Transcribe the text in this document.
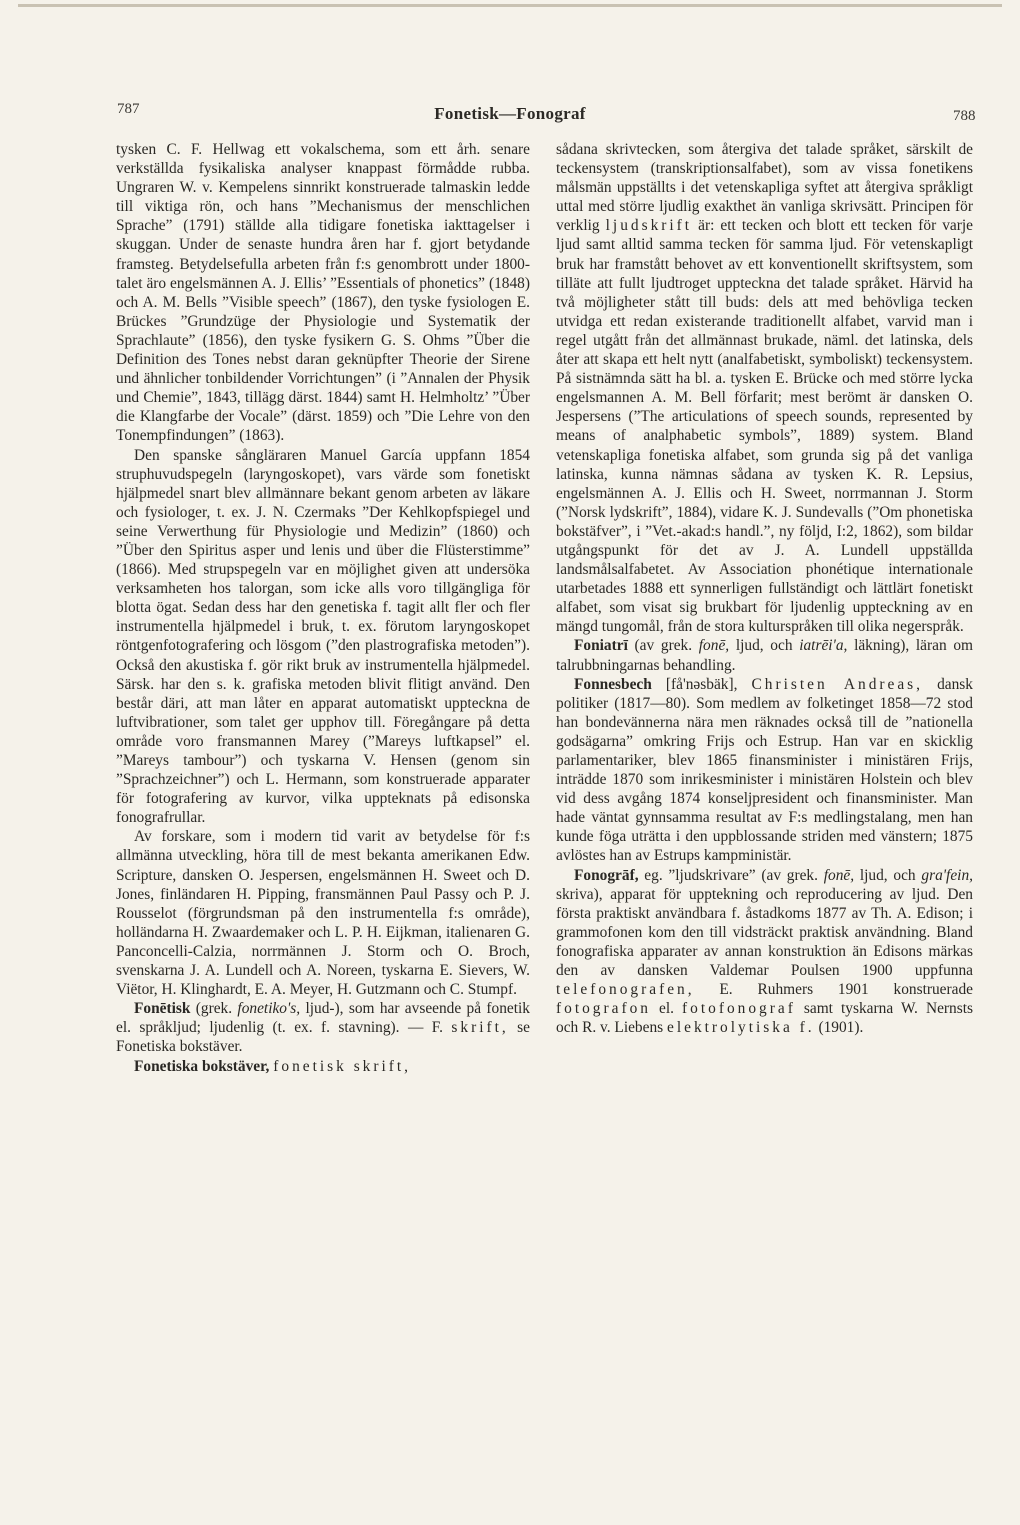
787	Fonetisk—Fonograf	788

tysken C. F. Hellwag ett vokalschema, som ett årh. senare verkställda fysikaliska analyser knappast förmådde rubba. Ungraren W. v. Kempelens sinnrikt konstruerade talmaskin ledde till viktiga rön, och hans ”Mechanismus der menschlichen Sprache” (1791) ställde alla tidigare fonetiska iakttagelser i skuggan. Under de senaste hundra åren har f. gjort betydande framsteg. Betydelsefulla arbeten från f:s genombrott under 1800-talet äro engelsmännen A. J. Ellis’ ”Essentials of phonetics” (1848) och A. M. Bells ”Visible speech” (1867), den tyske fysiologen E. Brückes ”Grundzüge der Physiologie und Systematik der Sprachlaute” (1856), den tyske fysikern G. S. Ohms ”Über die Definition des Tones nebst daran geknüpfter Theorie der Sirene und ähnlicher tonbildender Vorrichtungen” (i ”Annalen der Physik und Chemie”, 1843, tillägg därst. 1844) samt H. Helmholtz’ ”Über die Klangfarbe der Vocale” (därst. 1859) och ”Die Lehre von den Tonempfindungen” (1863).

Den spanske sångläraren Manuel García uppfann 1854 struphuvudspegeln (laryngoskopet), vars värde som fonetiskt hjälpmedel snart blev allmännare bekant genom arbeten av läkare och fysiologer, t. ex. J. N. Czermaks ”Der Kehlkopfspiegel und seine Verwerthung für Physiologie und Medizin” (1860) och ”Über den Spiritus asper und lenis und über die Flüsterstimme” (1866). Med strupspegeln var en möjlighet given att undersöka verksamheten hos talorgan, som icke alls voro tillgängliga för blotta ögat. Sedan dess har den genetiska f. tagit allt fler och fler instrumentella hjälpmedel i bruk, t. ex. förutom laryngoskopet röntgenfotografering och lösgom (”den plastrografiska metoden”). Också den akustiska f. gör rikt bruk av instrumentella hjälpmedel. Särsk. har den s. k. grafiska metoden blivit flitigt använd. Den består däri, att man låter en apparat automatiskt uppteckna de luftvibrationer, som talet ger upphov till. Föregångare på detta område voro fransmannen Marey (”Mareys luftkapsel” el. ”Mareys tambour”) och tyskarna V. Hensen (genom sin ”Sprachzeichner”) och L. Hermann, som konstruerade apparater för fotografering av kurvor, vilka uppteknats på edisonska fonografrullar.

Av forskare, som i modern tid varit av betydelse för f:s allmänna utveckling, höra till de mest bekanta amerikanen Edw. Scripture, dansken O. Jespersen, engelsmännen H. Sweet och D. Jones, finländaren H. Pipping, fransmännen Paul Passy och P. J. Rousselot (förgrundsman på den instrumentella f:s område), holländarna H. Zwaardemaker och L. P. H. Eijkman, italienaren G. Panconcelli-Calzia, norrmännen J. Storm och O. Broch, svenskarna J. A. Lundell och A. Noreen, tyskarna E. Sievers, W. Viëtor, H. Klinghardt, E. A. Meyer, H. Gutzmann och C. Stumpf.

Fonētisk (grek. fonetiko's, ljud-), som har avseende på fonetik el. språkljud; ljudenlig (t. ex. f. stavning). — F. skrift, se Fonetiska bokstäver.

Fonetiska bokstäver, fonetisk skrift,

sådana skrivtecken, som återgiva det talade språket, särskilt de teckensystem (transkriptionsalfabet), som av vissa fonetikens målsmän uppställts i det vetenskapliga syftet att återgiva språkligt uttal med större ljudlig exakthet än vanliga skrivsätt. Principen för verklig ljudskrift är: ett tecken och blott ett tecken för varje ljud samt alltid samma tecken för samma ljud. För vetenskapligt bruk har framstått behovet av ett konventionellt skriftsystem, som tilläte att fullt ljudtroget uppteckna det talade språket. Härvid ha två möjligheter stått till buds: dels att med behövliga tecken utvidga ett redan existerande traditionellt alfabet, varvid man i regel utgått från det allmännast brukade, näml. det latinska, dels åter att skapa ett helt nytt (analfabetiskt, symboliskt) teckensystem. På sistnämnda sätt ha bl. a. tysken E. Brücke och med större lycka engelsmannen A. M. Bell förfarit; mest berömt är dansken O. Jespersens (”The articulations of speech sounds, represented by means of analphabetic symbols”, 1889) system. Bland vetenskapliga fonetiska alfabet, som grunda sig på det vanliga latinska, kunna nämnas sådana av tysken K. R. Lepsius, engelsmännen A. J. Ellis och H. Sweet, norrmannan J. Storm (”Norsk lydskrift”, 1884), vidare K. J. Sundevalls (”Om phonetiska bokstäfver”, i ”Vet.-akad:s handl.”, ny följd, I:2, 1862), som bildar utgångspunkt för det av J. A. Lundell uppställda landsmålsalfabetet. Av Association phonétique internationale utarbetades 1888 ett synnerligen fullständigt och lättlärt fonetiskt alfabet, som visat sig brukbart för ljudenlig uppteckning av en mängd tungomål, från de stora kulturspråken till olika negerspråk.

Foniatrī (av grek. fonē, ljud, och iatrēi'a, läkning), läran om talrubbningarnas behandling.

Fonnesbech [få'nəsbäk], Christen Andreas, dansk politiker (1817—80). Som medlem av folketinget 1858—72 stod han bondevännerna nära men räknades också till de ”nationella godsägarna” omkring Frijs och Estrup. Han var en skicklig parlamentariker, blev 1865 finansminister i ministären Frijs, inträdde 1870 som inrikesminister i ministären Holstein och blev vid dess avgång 1874 konseljpresident och finansminister. Man hade väntat gynnsamma resultat av F:s medlingstalang, men han kunde föga uträtta i den uppblossande striden med vänstern; 1875 avlöstes han av Estrups kampministär.

Fonogrāf, eg. ”ljudskrivare” (av grek. fonē, ljud, och gra'fein, skriva), apparat för upptekning och reproducering av ljud. Den första praktiskt användbara f. åstadkoms 1877 av Th. A. Edison; i grammofonen kom den till vidsträckt praktisk användning. Bland fonografiska apparater av annan konstruktion än Edisons märkas den av dansken Valdemar Poulsen 1900 uppfunna telefonografen, E. Ruhmers 1901 konstruerade fotografon el. fotofonograf samt tyskarna W. Nernsts och R. v. Liebens elektrolytiska f. (1901).
